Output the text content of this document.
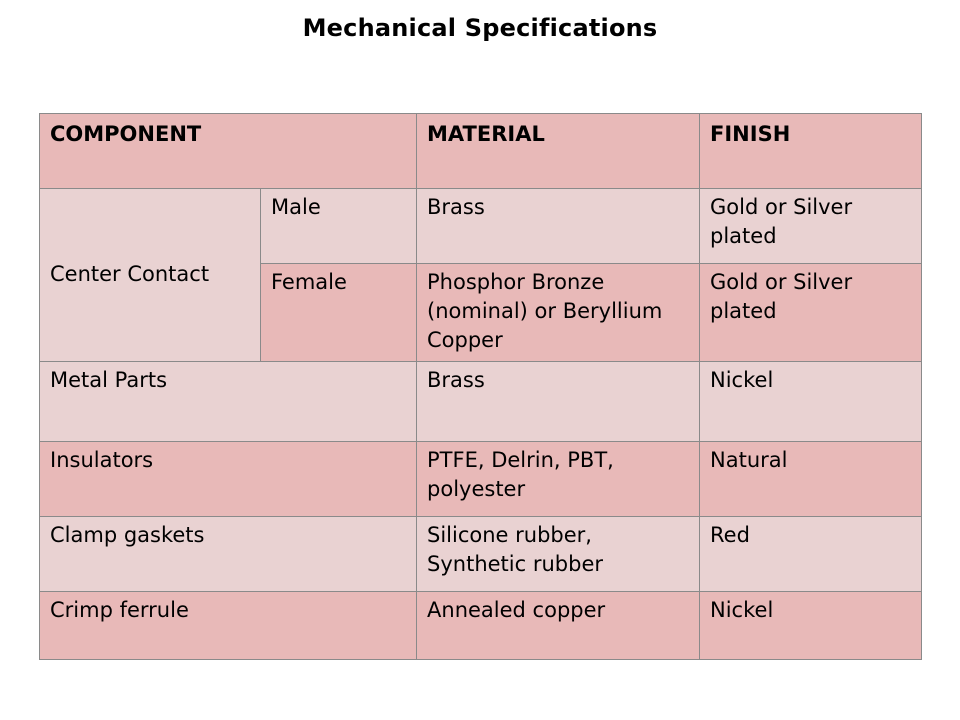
Mechanical Specifications
COMPONENT		MATERIAL	FINISH
Center Contact	Male	Brass	Gold or Silver plated
	Female	Phosphor Bronze (nominal) or Beryllium Copper	Gold or Silver plated
Metal Parts		Brass	Nickel
Insulators		PTFE, Delrin, PBT, polyester	Natural
Clamp gaskets		Silicone rubber, Synthetic rubber	Red
Crimp ferrule		Annealed copper	Nickel
